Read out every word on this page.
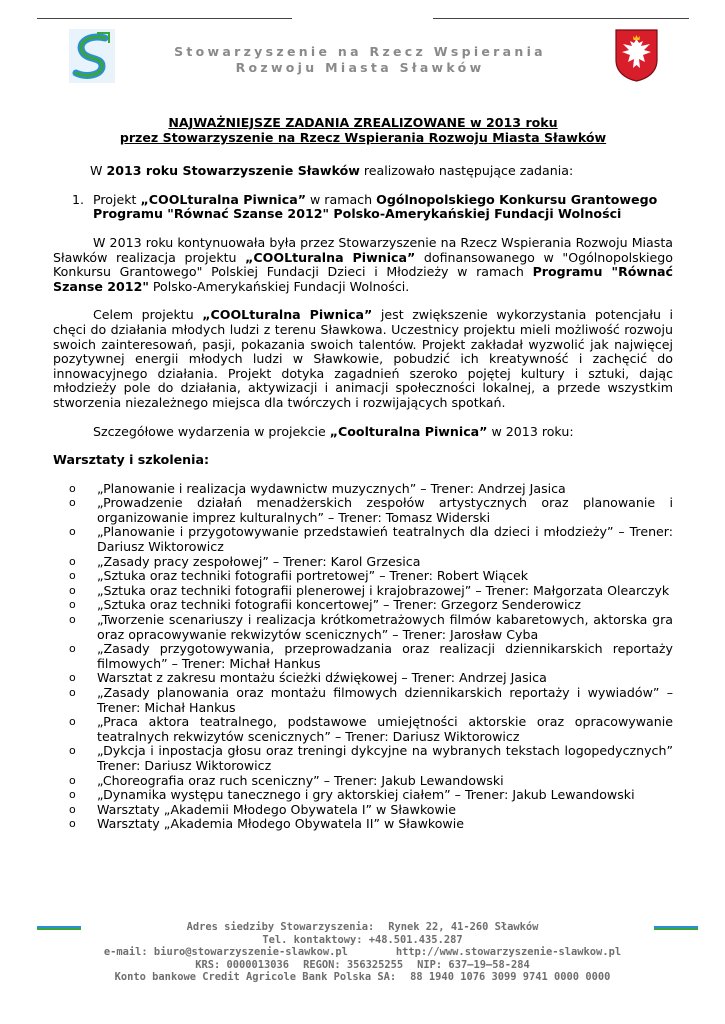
Stowarzyszenie na Rzecz Wspierania
Rozwoju Miasta Sławków

NAJWAŻNIEJSZE ZADANIA ZREALIZOWANE w 2013 roku

przez Stowarzyszenie na Rzecz Wspierania Rozwoju Miasta Sławków

W 2013 roku Stowarzyszenie Sławków realizowało następujące zadania:

1. Projekt „COOLturalna Piwnica” w ramach Ogólnopolskiego Konkursu Grantowego Programu "Równać Szanse 2012" Polsko-Amerykańskiej Fundacji Wolności

W 2013 roku kontynuowała była przez Stowarzyszenie na Rzecz Wspierania Rozwoju Miasta Sławków realizacja projektu „COOLturalna Piwnica” dofinansowanego w "Ogólnopolskiego Konkursu Grantowego" Polskiej Fundacji Dzieci i Młodzieży w ramach Programu "Równać Szanse 2012" Polsko-Amerykańskiej Fundacji Wolności.

Celem projektu „COOLturalna Piwnica” jest zwiększenie wykorzystania potencjału i chęci do działania młodych ludzi z terenu Sławkowa. Uczestnicy projektu mieli możliwość rozwoju swoich zainteresowań, pasji, pokazania swoich talentów. Projekt zakładał wyzwolić jak najwięcej pozytywnej energii młodych ludzi w Sławkowie, pobudzić ich kreatywność i zachęcić do innowacyjnego działania. Projekt dotyka zagadnień szeroko pojętej kultury i sztuki, dając młodzieży pole do działania, aktywizacji i animacji społeczności lokalnej, a przede wszystkim stworzenia niezależnego miejsca dla twórczych i rozwijających spotkań.

Szczegółowe wydarzenia w projekcie „Coolturalna Piwnica” w 2013 roku:

Warsztaty i szkolenia:

o „Planowanie i realizacja wydawnictw muzycznych” – Trener: Andrzej Jasica
o „Prowadzenie działań menadżerskich zespołów artystycznych oraz planowanie i organizowanie imprez kulturalnych” – Trener: Tomasz Widerski
o „Planowanie i przygotowywanie przedstawień teatralnych dla dzieci i młodzieży” – Trener: Dariusz Wiktorowicz
o „Zasady pracy zespołowej” – Trener: Karol Grzesica
o „Sztuka oraz techniki fotografii portretowej” – Trener: Robert Wiącek
o „Sztuka oraz techniki fotografii plenerowej i krajobrazowej” – Trener: Małgorzata Olearczyk
o „Sztuka oraz techniki fotografii koncertowej” – Trener: Grzegorz Senderowicz
o „Tworzenie scenariuszy i realizacja krótkometrażowych filmów kabaretowych, aktorska gra oraz opracowywanie rekwizytów scenicznych” – Trener: Jarosław Cyba
o „Zasady przygotowywania, przeprowadzania oraz realizacji dziennikarskich reportaży filmowych” – Trener: Michał Hankus
o Warsztat z zakresu montażu ścieżki dźwiękowej – Trener: Andrzej Jasica
o „Zasady planowania oraz montażu filmowych dziennikarskich reportaży i wywiadów” – Trener: Michał Hankus
o „Praca aktora teatralnego, podstawowe umiejętności aktorskie oraz opracowywanie teatralnych rekwizytów scenicznych” – Trener: Dariusz Wiktorowicz
o „Dykcja i inpostacja głosu oraz treningi dykcyjne na wybranych tekstach logopedycznych” Trener: Dariusz Wiktorowicz
o „Choreografia oraz ruch sceniczny” – Trener: Jakub Lewandowski
o „Dynamika występu tanecznego i gry aktorskiej ciałem” – Trener: Jakub Lewandowski
o Warsztaty „Akademii Młodego Obywatela I” w Sławkowie
o Warsztaty „Akademia Młodego Obywatela II” w Sławkowie
Adres siedziby Stowarzyszenia: Rynek 22, 41-260 Sławków
Tel. kontaktowy: +48.501.435.287
e-mail: biuro@stowarzyszenie-slawkow.pl	http://www.stowarzyszenie-slawkow.pl
KRS: 0000013036 REGON: 356325255 NIP: 637–19–58-284
Konto bankowe Credit Agricole Bank Polska SA: 88 1940 1076 3099 9741 0000 0000
